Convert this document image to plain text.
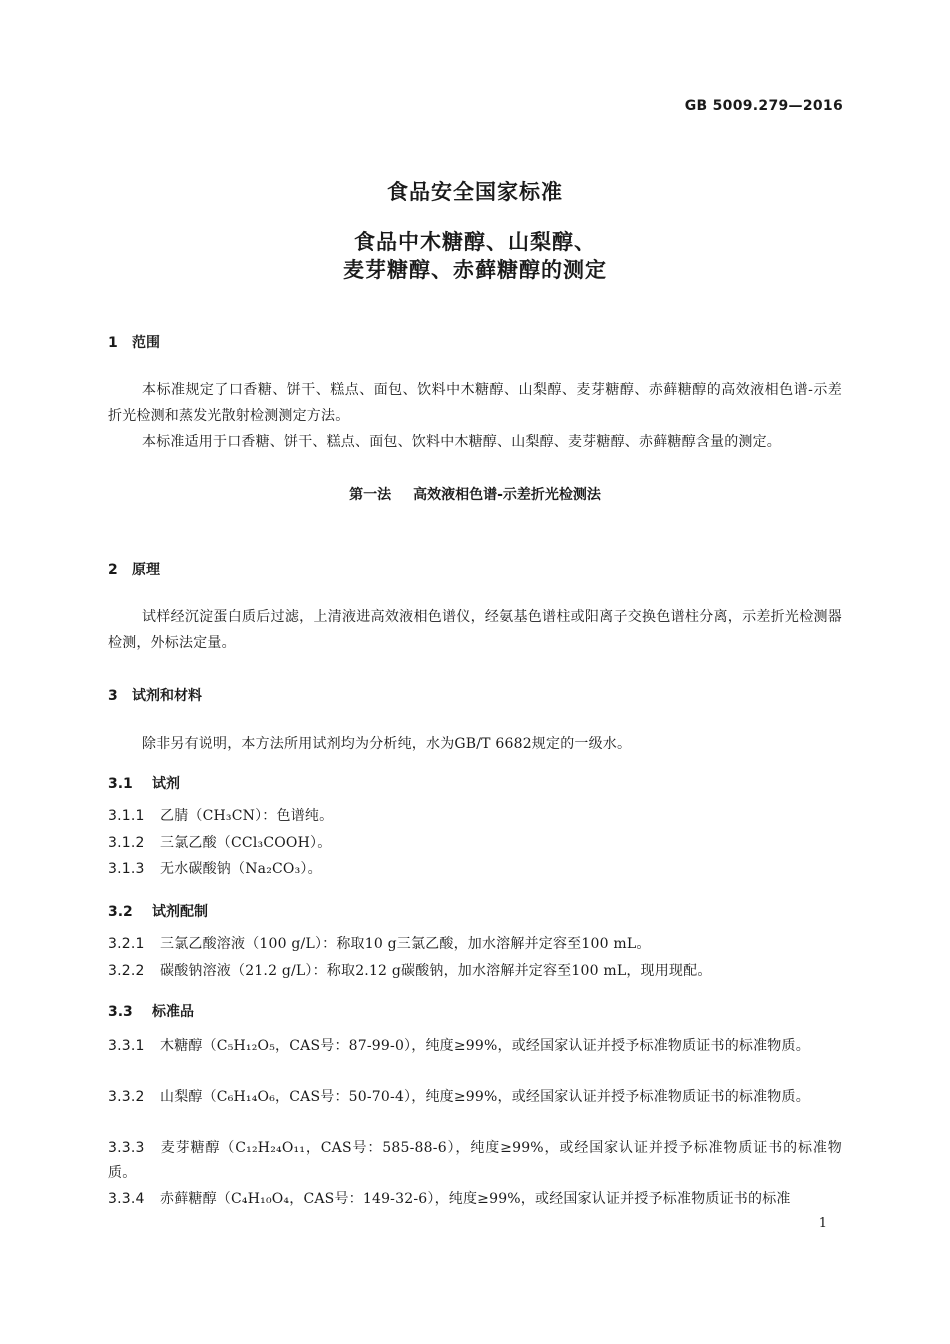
GB 5009.279—2016
食品安全国家标准
食品中木糖醇、山梨醇、
麦芽糖醇、赤藓糖醇的测定
1 范围
本标准规定了口香糖、饼干、糕点、面包、饮料中木糖醇、山梨醇、麦芽糖醇、赤藓糖醇的高效液相色谱-示差折光检测和蒸发光散射检测测定方法。
本标准适用于口香糖、饼干、糕点、面包、饮料中木糖醇、山梨醇、麦芽糖醇、赤藓糖醇含量的测定。
第一法 高效液相色谱-示差折光检测法
2 原理
试样经沉淀蛋白质后过滤，上清液进高效液相色谱仪，经氨基色谱柱或阳离子交换色谱柱分离，示差折光检测器检测，外标法定量。
3 试剂和材料
除非另有说明，本方法所用试剂均为分析纯，水为GB/T 6682规定的一级水。
3.1 试剂
3.1.1 乙腈（CH₃CN）：色谱纯。
3.1.2 三氯乙酸（CCl₃COOH）。
3.1.3 无水碳酸钠（Na₂CO₃）。
3.2 试剂配制
3.2.1 三氯乙酸溶液（100 g/L）：称取10 g三氯乙酸，加水溶解并定容至100 mL。
3.2.2 碳酸钠溶液（21.2 g/L）：称取2.12 g碳酸钠，加水溶解并定容至100 mL，现用现配。
3.3 标准品
3.3.1 木糖醇（C₅H₁₂O₅，CAS号：87-99-0），纯度≥99%，或经国家认证并授予标准物质证书的标准物质。
3.3.2 山梨醇（C₆H₁₄O₆，CAS号：50-70-4），纯度≥99%，或经国家认证并授予标准物质证书的标准物质。
3.3.3 麦芽糖醇（C₁₂H₂₄O₁₁，CAS号：585-88-6），纯度≥99%，或经国家认证并授予标准物质证书的标准物质。
3.3.4 赤藓糖醇（C₄H₁₀O₄，CAS号：149-32-6），纯度≥99%，或经国家认证并授予标准物质证书的标准
1
